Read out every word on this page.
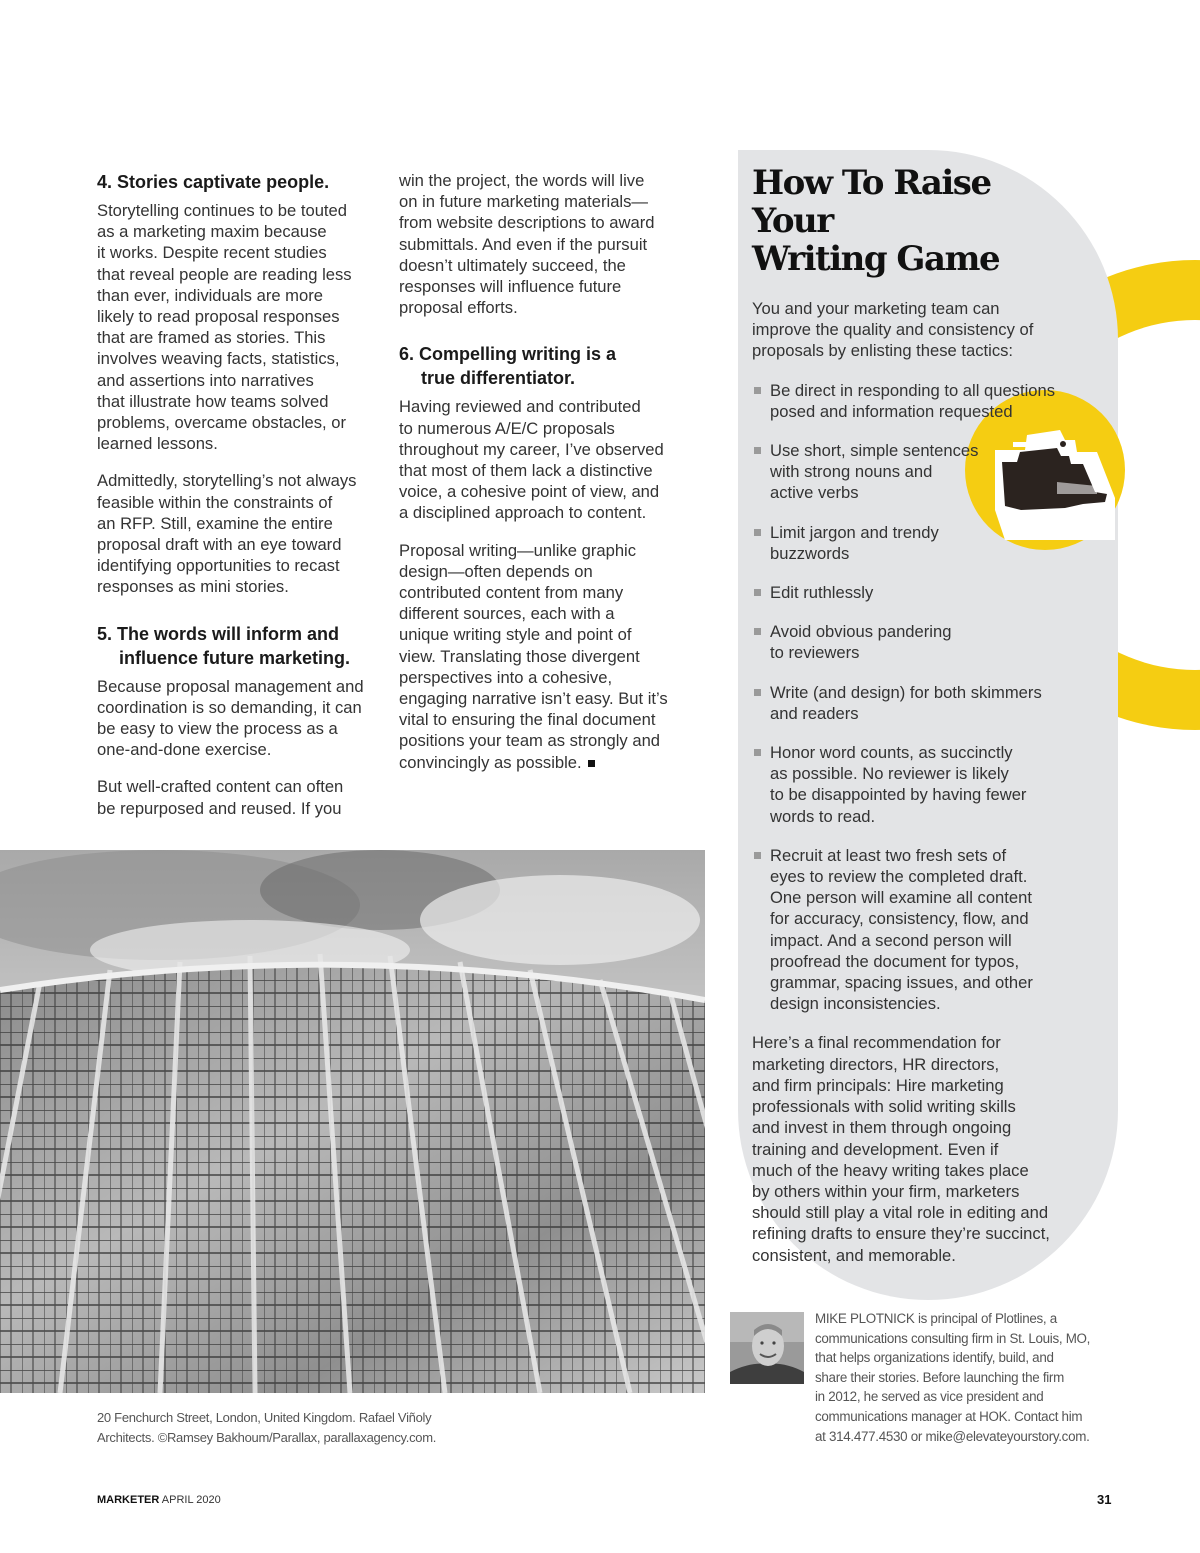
4. Stories captivate people.

Storytelling continues to be touted
as a marketing maxim because
it works. Despite recent studies
that reveal people are reading less
than ever, individuals are more
likely to read proposal responses
that are framed as stories. This
involves weaving facts, statistics,
and assertions into narratives
that illustrate how teams solved
problems, overcame obstacles, or
learned lessons.

Admittedly, storytelling’s not always
feasible within the constraints of
an RFP. Still, examine the entire
proposal draft with an eye toward
identifying opportunities to recast
responses as mini stories.

5. The words will inform and
influence future marketing.

Because proposal management and
coordination is so demanding, it can
be easy to view the process as a
one-and-done exercise.

But well-crafted content can often
be repurposed and reused. If you

win the project, the words will live
on in future marketing materials—
from website descriptions to award
submittals. And even if the pursuit
doesn’t ultimately succeed, the
responses will influence future
proposal efforts.

6. Compelling writing is a
true differentiator.

Having reviewed and contributed
to numerous A/E/C proposals
throughout my career, I’ve observed
that most of them lack a distinctive
voice, a cohesive point of view, and
a disciplined approach to content.

Proposal writing—unlike graphic
design—often depends on
contributed content from many
different sources, each with a
unique writing style and point of
view. Translating those divergent
perspectives into a cohesive,
engaging narrative isn’t easy. But it’s
vital to ensuring the final document
positions your team as strongly and
convincingly as possible.

How To Raise Your
Writing Game

You and your marketing team can
improve the quality and consistency of
proposals by enlisting these tactics:

Be direct in responding to all questions
posed and information requested
Use short, simple sentences
with strong nouns and
active verbs
Limit jargon and trendy
buzzwords
Edit ruthlessly
Avoid obvious pandering
to reviewers
Write (and design) for both skimmers
and readers
Honor word counts, as succinctly
as possible. No reviewer is likely
to be disappointed by having fewer
words to read.
Recruit at least two fresh sets of
eyes to review the completed draft.
One person will examine all content
for accuracy, consistency, flow, and
impact. And a second person will
proofread the document for typos,
grammar, spacing issues, and other
design inconsistencies.

Here’s a final recommendation for
marketing directors, HR directors,
and firm principals: Hire marketing
professionals with solid writing skills
and invest in them through ongoing
training and development. Even if
much of the heavy writing takes place
by others within your firm, marketers
should still play a vital role in editing and
refining drafts to ensure they’re succinct,
consistent, and memorable.

20 Fenchurch Street, London, United Kingdom. Rafael Viñoly
Architects. ©Ramsey Bakhoum/Parallax, parallaxagency.com.
MIKE PLOTNICK is principal of Plotlines, a
communications consulting firm in St. Louis, MO,
that helps organizations identify, build, and
share their stories. Before launching the firm
in 2012, he served as vice president and
communications manager at HOK. Contact him
at 314.477.4530 or mike@elevateyourstory.com.
MARKETER APRIL 2020	31
